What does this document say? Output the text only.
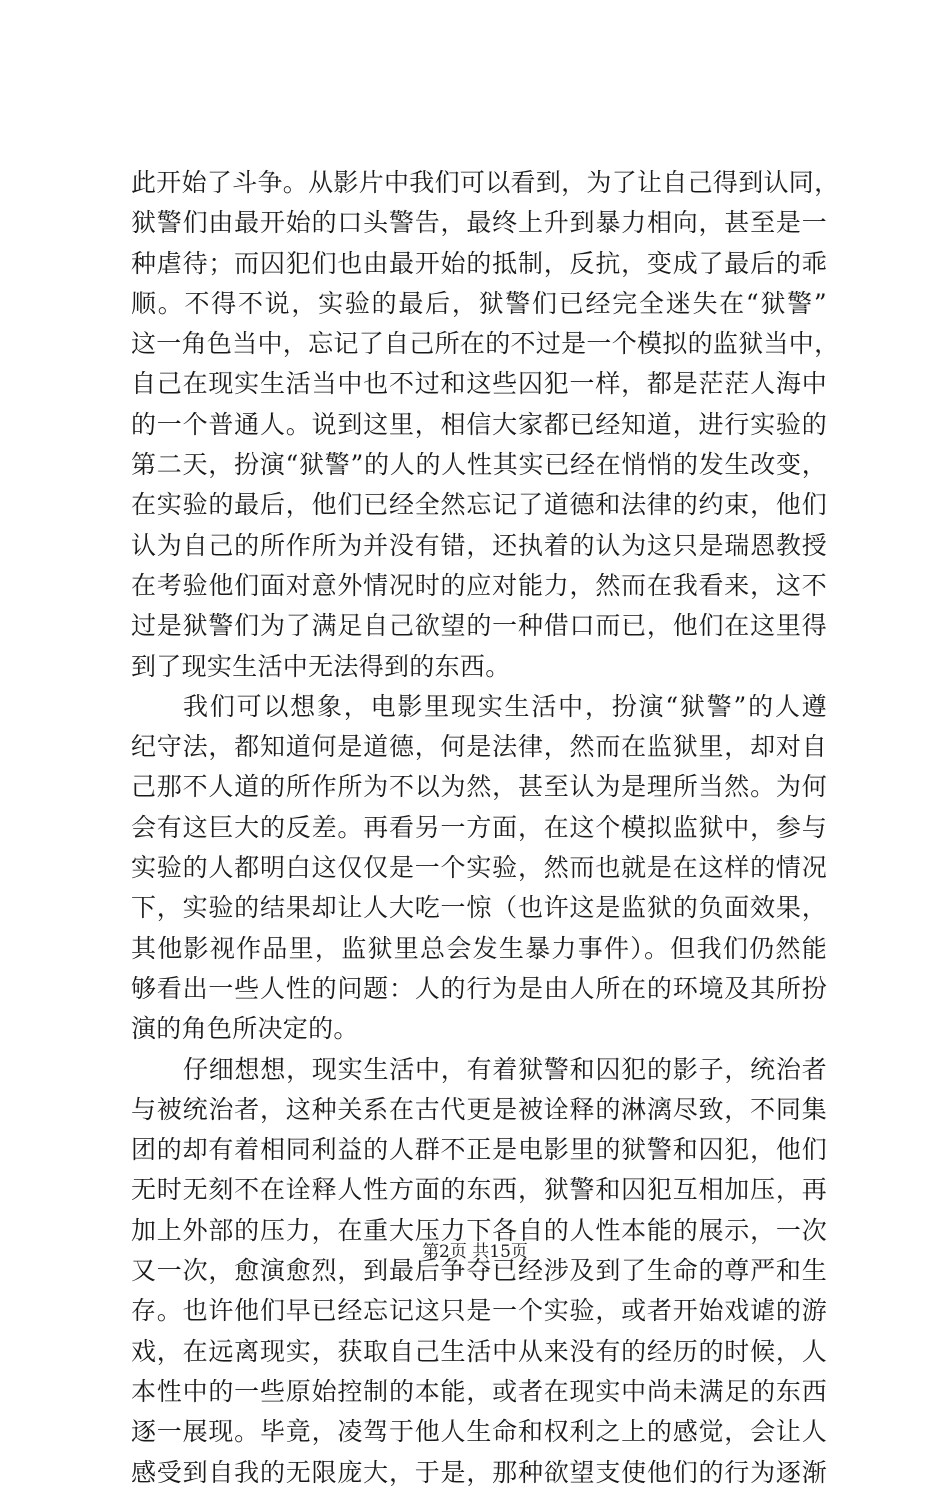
此开始了斗争。从影片中我们可以看到，为了让自己得到认同，
狱警们由最开始的口头警告，最终上升到暴力相向，甚至是一
种虐待；而囚犯们也由最开始的抵制，反抗，变成了最后的乖
顺。不得不说，实验的最后，狱警们已经完全迷失在“狱警”
这一角色当中，忘记了自己所在的不过是一个模拟的监狱当中，
自己在现实生活当中也不过和这些囚犯一样，都是茫茫人海中
的一个普通人。说到这里，相信大家都已经知道，进行实验的
第二天，扮演“狱警”的人的人性其实已经在悄悄的发生改变，
在实验的最后，他们已经全然忘记了道德和法律的约束，他们
认为自己的所作所为并没有错，还执着的认为这只是瑞恩教授
在考验他们面对意外情况时的应对能力，然而在我看来，这不
过是狱警们为了满足自己欲望的一种借口而已，他们在这里得
到了现实生活中无法得到的东西。
我们可以想象，电影里现实生活中，扮演“狱警”的人遵
纪守法，都知道何是道德，何是法律，然而在监狱里，却对自
己那不人道的所作所为不以为然，甚至认为是理所当然。为何
会有这巨大的反差。再看另一方面，在这个模拟监狱中，参与
实验的人都明白这仅仅是一个实验，然而也就是在这样的情况
下，实验的结果却让人大吃一惊（也许这是监狱的负面效果，
其他影视作品里，监狱里总会发生暴力事件）。但我们仍然能
够看出一些人性的问题：人的行为是由人所在的环境及其所扮
演的角色所决定的。
仔细想想，现实生活中，有着狱警和囚犯的影子，统治者
与被统治者，这种关系在古代更是被诠释的淋漓尽致，不同集
团的却有着相同利益的人群不正是电影里的狱警和囚犯，他们
无时无刻不在诠释人性方面的东西，狱警和囚犯互相加压，再
加上外部的压力，在重大压力下各自的人性本能的展示，一次
又一次，愈演愈烈，到最后争夺已经涉及到了生命的尊严和生
存。也许他们早已经忘记这只是一个实验，或者开始戏谑的游
戏，在远离现实，获取自己生活中从来没有的经历的时候，人
本性中的一些原始控制的本能，或者在现实中尚未满足的东西
逐一展现。毕竟，凌驾于他人生命和权利之上的感觉，会让人
感受到自我的无限庞大，于是，那种欲望支使他们的行为逐渐
第2页 共15页
